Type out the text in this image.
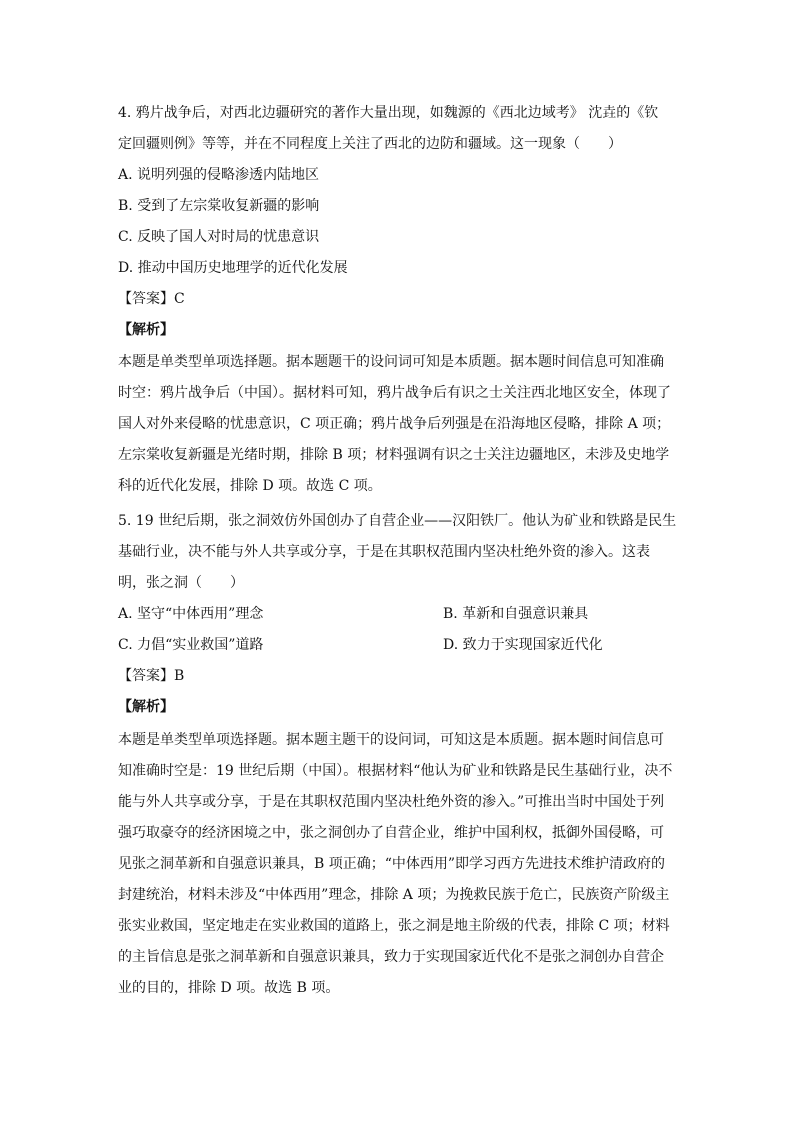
4. 鸦片战争后，对西北边疆研究的著作大量出现，如魏源的《西北边域考》 沈垚的《钦
定回疆则例》等等，并在不同程度上关注了西北的边防和疆域。这一现象（　　）
A. 说明列强的侵略渗透内陆地区
B. 受到了左宗棠收复新疆的影响
C. 反映了国人对时局的忧患意识
D. 推动中国历史地理学的近代化发展
【答案】C
【解析】
本题是单类型单项选择题。据本题题干的设问词可知是本质题。据本题时间信息可知准确
时空：鸦片战争后（中国）。据材料可知，鸦片战争后有识之士关注西北地区安全，体现了
国人对外来侵略的忧患意识，C 项正确；鸦片战争后列强是在沿海地区侵略，排除 A 项；
左宗棠收复新疆是光绪时期，排除 B 项；材料强调有识之士关注边疆地区，未涉及史地学
科的近代化发展，排除 D 项。故选 C 项。
5. 19 世纪后期，张之洞效仿外国创办了自营企业——汉阳铁厂。他认为矿业和铁路是民生
基础行业，决不能与外人共享或分享，于是在其职权范围内坚决杜绝外资的渗入。这表
明，张之洞（　　）
A. 坚守“中体西用”理念	B. 革新和自强意识兼具
C. 力倡“实业救国”道路	D. 致力于实现国家近代化
【答案】B
【解析】
本题是单类型单项选择题。据本题主题干的设问词，可知这是本质题。据本题时间信息可
知准确时空是：19 世纪后期（中国）。根据材料“他认为矿业和铁路是民生基础行业，决不
能与外人共享或分享，于是在其职权范围内坚决杜绝外资的渗入。”可推出当时中国处于列
强巧取豪夺的经济困境之中，张之洞创办了自营企业，维护中国利权，抵御外国侵略，可
见张之洞革新和自强意识兼具，B 项正确；“中体西用”即学习西方先进技术维护清政府的
封建统治，材料未涉及“中体西用”理念，排除 A 项；为挽救民族于危亡，民族资产阶级主
张实业救国，坚定地走在实业救国的道路上，张之洞是地主阶级的代表，排除 C 项；材料
的主旨信息是张之洞革新和自强意识兼具，致力于实现国家近代化不是张之洞创办自营企
业的目的，排除 D 项。故选 B 项。
